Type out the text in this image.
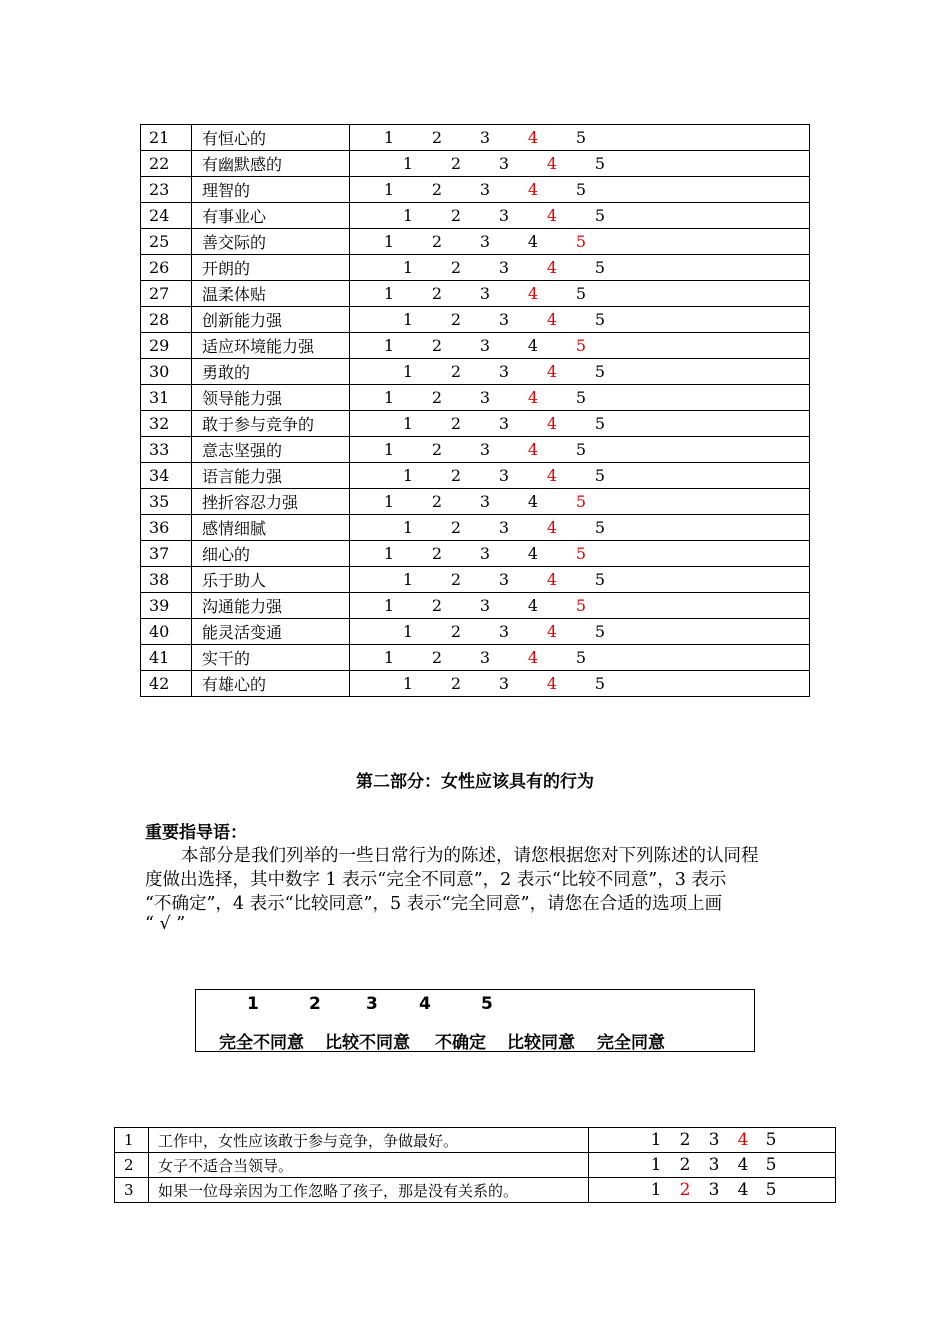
21	有恒心的	1 2 3 4 5

22	有幽默感的	1 2 3 4 5

23	理智的	1 2 3 4 5

24	有事业心	1 2 3 4 5

25	善交际的	1 2 3 4 5

26	开朗的	1 2 3 4 5

27	温柔体贴	1 2 3 4 5

28	创新能力强	1 2 3 4 5

29	适应环境能力强	1 2 3 4 5

30	勇敢的	1 2 3 4 5

31	领导能力强	1 2 3 4 5

32	敢于参与竞争的	1 2 3 4 5

33	意志坚强的	1 2 3 4 5

34	语言能力强	1 2 3 4 5

35	挫折容忍力强	1 2 3 4 5

36	感情细腻	1 2 3 4 5

37	细心的	1 2 3 4 5

38	乐于助人	1 2 3 4 5

39	沟通能力强	1 2 3 4 5

40	能灵活变通	1 2 3 4 5

41	实干的	1 2 3 4 5

42	有雄心的	1 2 3 4 5
第二部分：女性应该具有的行为
重要指导语：
本部分是我们列举的一些日常行为的陈述，请您根据您对下列陈述的认同程
度做出选择，其中数字 1 表示“完全不同意”，2 表示“比较不同意”，3 表示
“不确定”，4 表示“比较同意”，5 表示“完全同意”，请您在合适的选项上画
“ √ ”
1	2	3 4	5
完全不同意 比较不同意 不确定 比较同意 完全同意
1	工作中，女性应该敢于参与竞争，争做最好。	1 2 3 4 5

2	女子不适合当领导。	1 2 3 4 5

3	如果一位母亲因为工作忽略了孩子，那是没有关系的。	1 2 3 4 5
